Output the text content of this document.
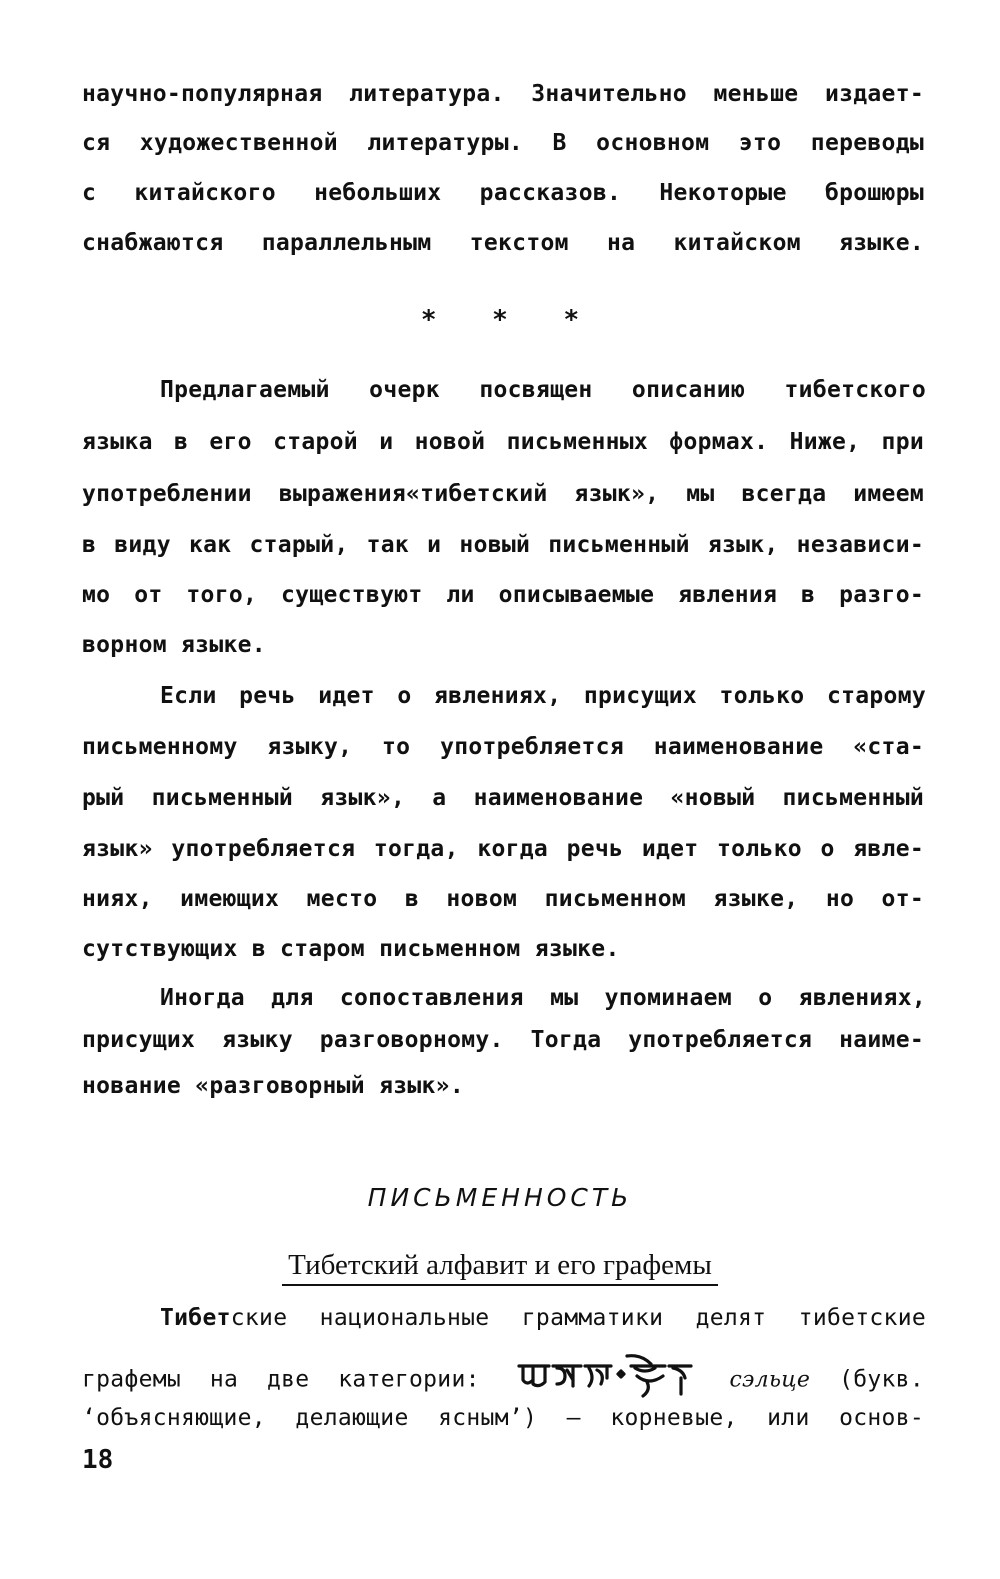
научно-популярная литература. Значительно меньше издает-
ся художественной литературы. В основном это переводы
с китайского небольших рассказов. Некоторые брошюры
снабжаются параллельным текстом на китайском языке.
* * *
Предлагаемый очерк посвящен описанию тибетского
языка в его старой и новой письменных формах. Ниже, при
употреблении выражения«тибетский язык», мы всегда имеем
в виду как старый, так и новый письменный язык, независи-
мо от того, существуют ли описываемые явления в разго-
ворном языке.
Если речь идет о явлениях, присущих только старому
письменному языку, то употребляется наименование «ста-
рый письменный язык», а наименование «новый письменный
язык» употребляется тогда, когда речь идет только о явле-
ниях, имеющих место в новом письменном языке, но от-
сутствующих в старом письменном языке.
Иногда для сопоставления мы упоминаем о явлениях,
присущих языку разговорному. Тогда употребляется наиме-
нование «разговорный язык».
ПИСЬМЕННОСТЬ
Тибетский алфавит и его графемы
Тибетские национальные грамматики делят тибетские
графемы на две категории:	сэльце (букв.
‘объясняющие, делающие ясным’) – корневые, или основ-
18
